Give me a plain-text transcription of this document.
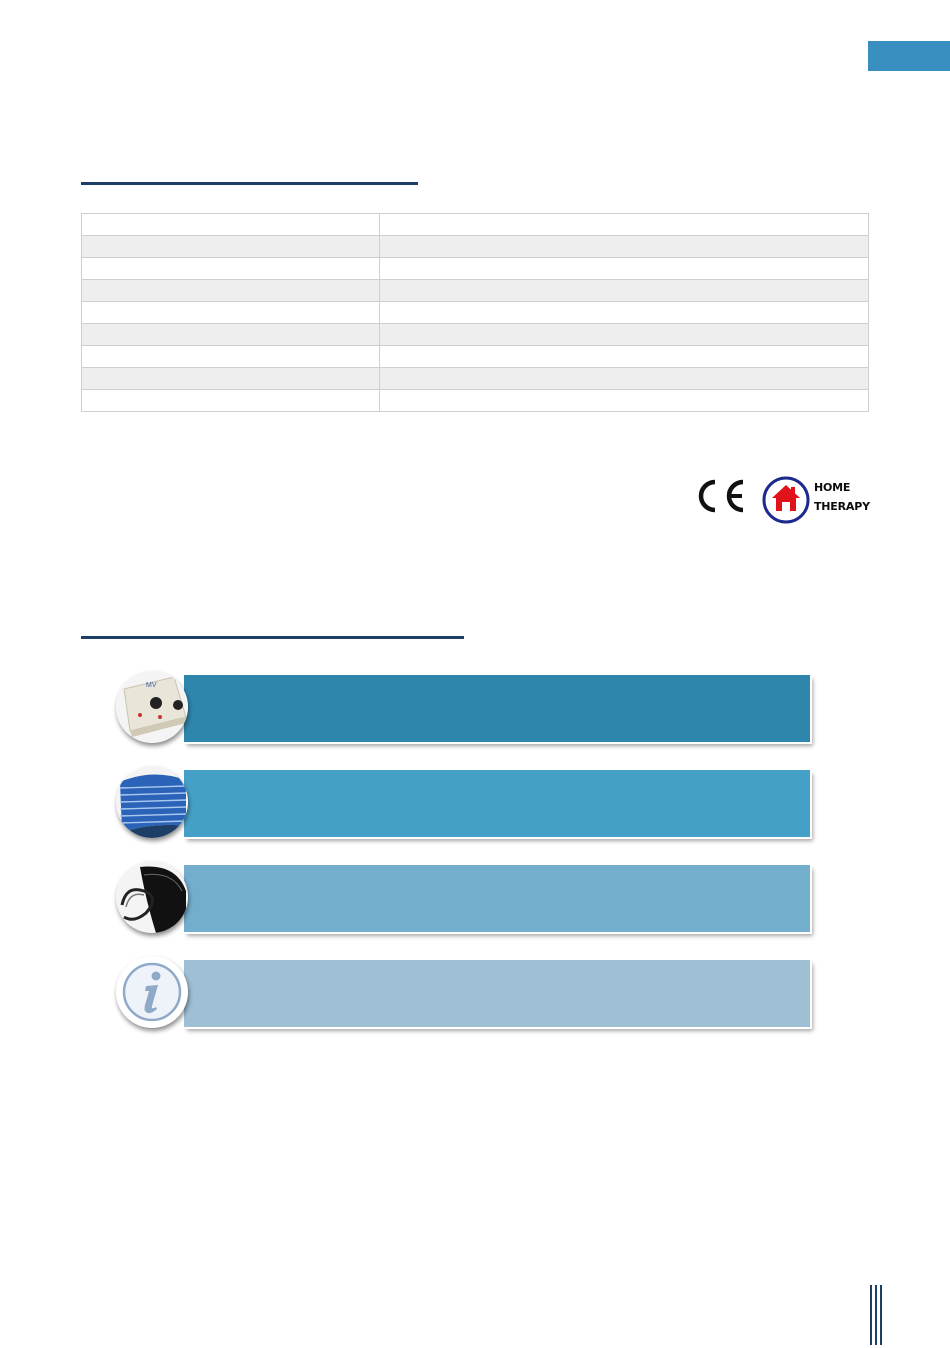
HOME
THERAPY
MV
